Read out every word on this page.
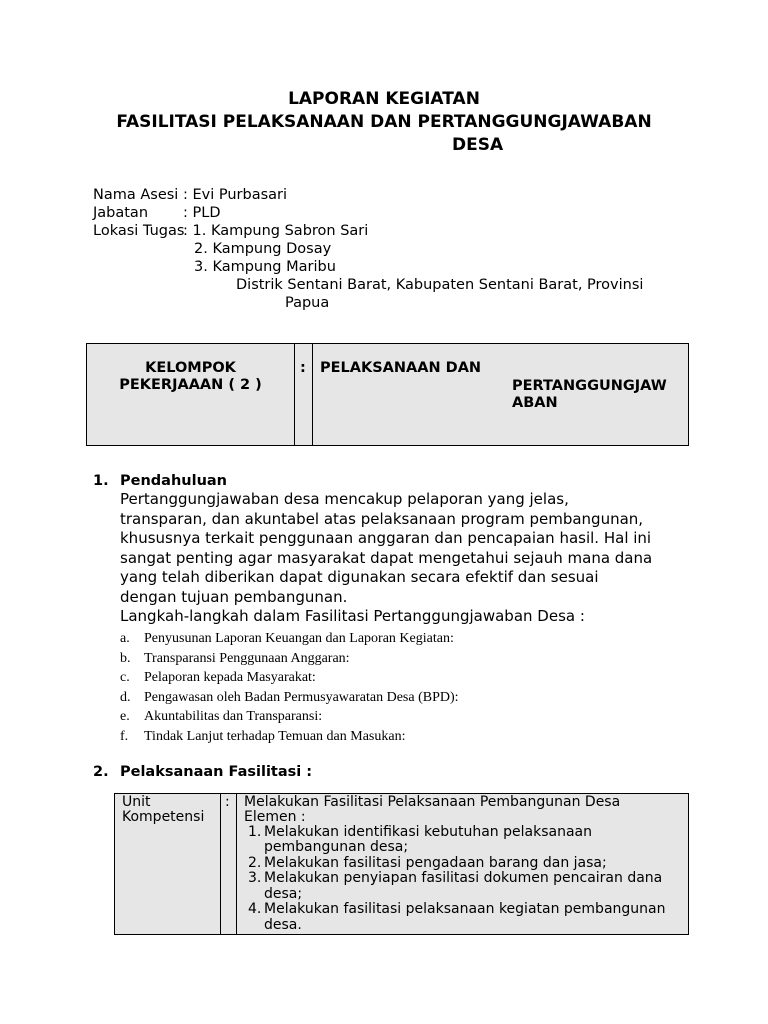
LAPORAN KEGIATAN
FASILITASI PELAKSANAAN DAN PERTANGGUNGJAWABAN
DESA
Nama Asesi : Evi Purbasari
Jabatan : PLD
Lokasi Tugas
: 1. Kampung Sabron Sari
2. Kampung Dosay
3. Kampung Maribu
Distrik Sentani Barat, Kabupaten Sentani Barat, Provinsi
Papua
KELOMPOK
PEKERJAAAN ( 2 )
: PELAKSANAAN DAN
PERTANGGUNGJAW
ABAN
1. Pendahuluan
Pertanggungjawaban desa mencakup pelaporan yang jelas,
transparan, dan akuntabel atas pelaksanaan program pembangunan,
khususnya terkait penggunaan anggaran dan pencapaian hasil. Hal ini
sangat penting agar masyarakat dapat mengetahui sejauh mana dana
yang telah diberikan dapat digunakan secara efektif dan sesuai
dengan tujuan pembangunan.
Langkah-langkah dalam Fasilitasi Pertanggungjawaban Desa :
a. Penyusunan Laporan Keuangan dan Laporan Kegiatan:
b. Transparansi Penggunaan Anggaran:
c. Pelaporan kepada Masyarakat:
d. Pengawasan oleh Badan Permusyawaratan Desa (BPD):
e. Akuntabilitas dan Transparansi:
f. Tindak Lanjut terhadap Temuan dan Masukan:
2. Pelaksanaan Fasilitasi :
Unit
Kompetensi
: Melakukan Fasilitasi Pelaksanaan Pembangunan Desa
Elemen :
1. Melakukan identifikasi kebutuhan pelaksanaan
pembangunan desa;
2. Melakukan fasilitasi pengadaan barang dan jasa;
3. Melakukan penyiapan fasilitasi dokumen pencairan dana
desa;
4. Melakukan fasilitasi pelaksanaan kegiatan pembangunan
desa.
